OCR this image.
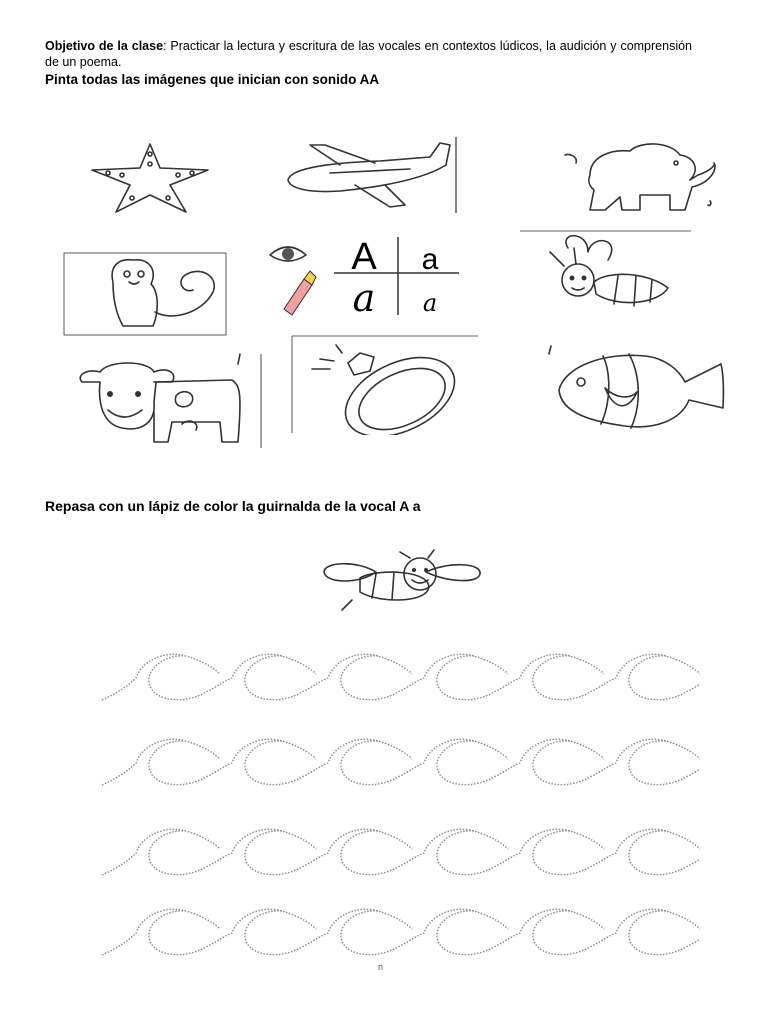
Objetivo de la clase: Practicar la lectura y escritura de las vocales en contextos lúdicos, la audición y comprensión de un poema.
Pinta todas las imágenes que inician con sonido AA
A a
a a
Repasa con un lápiz de color la guirnalda de la vocal A a
n
